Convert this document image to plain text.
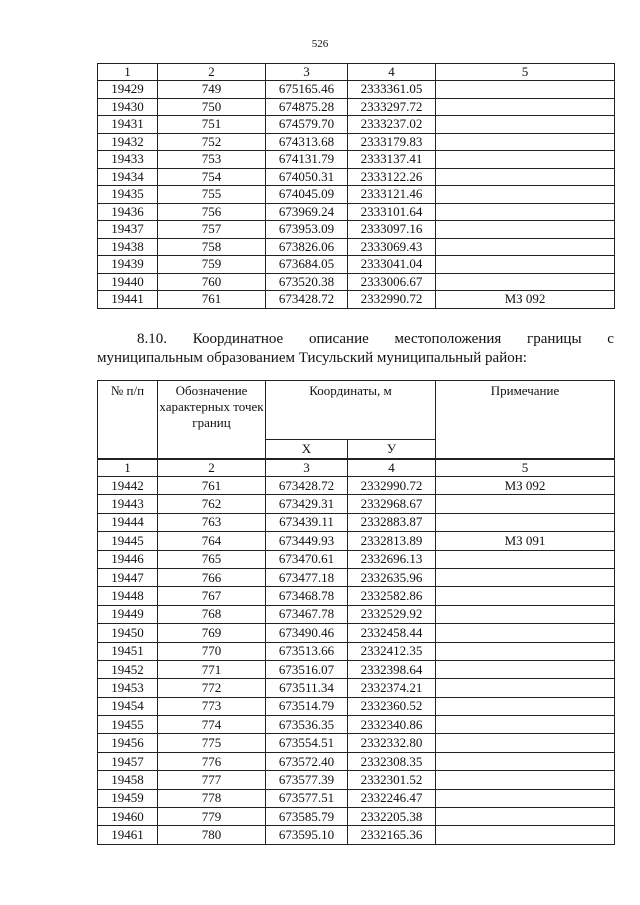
526
1	2	3	4	5
19429	749	675165.46	2333361.05	
19430	750	674875.28	2333297.72	
19431	751	674579.70	2333237.02	
19432	752	674313.68	2333179.83	
19433	753	674131.79	2333137.41	
19434	754	674050.31	2333122.26	
19435	755	674045.09	2333121.46	
19436	756	673969.24	2333101.64	
19437	757	673953.09	2333097.16	
19438	758	673826.06	2333069.43	
19439	759	673684.05	2333041.04	
19440	760	673520.38	2333006.67	
19441	761	673428.72	2332990.72	МЗ 092
8.10. Координатное описание местоположения границы с
муниципальным образованием Тисульский муниципальный район:
№ п/п	Обозначение характерных точек границ	Координаты, м		Примечание
		X	У	
1	2	3	4	5
19442	761	673428.72	2332990.72	МЗ 092
19443	762	673429.31	2332968.67	
19444	763	673439.11	2332883.87	
19445	764	673449.93	2332813.89	МЗ 091
19446	765	673470.61	2332696.13	
19447	766	673477.18	2332635.96	
19448	767	673468.78	2332582.86	
19449	768	673467.78	2332529.92	
19450	769	673490.46	2332458.44	
19451	770	673513.66	2332412.35	
19452	771	673516.07	2332398.64	
19453	772	673511.34	2332374.21	
19454	773	673514.79	2332360.52	
19455	774	673536.35	2332340.86	
19456	775	673554.51	2332332.80	
19457	776	673572.40	2332308.35	
19458	777	673577.39	2332301.52	
19459	778	673577.51	2332246.47	
19460	779	673585.79	2332205.38	
19461	780	673595.10	2332165.36	
